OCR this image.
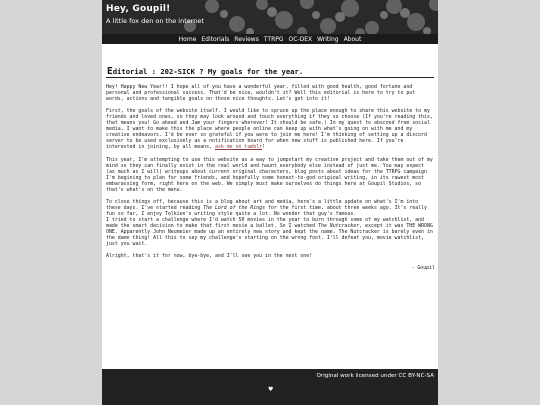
Hey, Goupil!
A little fox den on the internet
Home Editorials Reviews TTRPG OC-DEX Writing About
Editorial : 202-SICK ? My goals for the year.

Hey! Happy New Year!! I hope all of you have a wonderful year, filled with good health, good fortune and personal and professional success. That'd be nice, wouldn't it? Well this editorial is here to try to put words, actions and tangible goals on those nice thoughts. Let's get into it!

First, the goals of the website itself. I would like to spruce up the place enough to share this website to my friends and loved ones, so they may look around and touch everything if they so choose (If you're reading this, that means you! Go ahead and Jam your fingers wherever! It should be safe.) In my quest to abscond from social media, I want to make this the place where people online can keep up with what's going on with me and my creative endeavors. I'd be ever so grateful if you were to join me here! I'm thinking of setting up a discord server to be used exclusively as a notification board for when new stuff is published here. If you're interested in joining, by all means, ask me on tumblr!

This year, I'm attempting to use this website as a way to jumpstart my creative project and take them out of my mind so they can finally exist in the real world and haunt everybody else instead of just me. You may expect (as much as I will) writeups about current original characters, blog posts about ideas for the TTRPG campaign I'm begining to plan for some friends, and hopefully some honest-to-god original writing, in its rawest most embarassing form, right here on the web. We simply must make ourselves do things here at Goupil Studios, so that's what's on the menu.

To close things off, because this is a blog about art and media, here's a little update on what's I'm into these days. I've started reading The Lord of the Rings for the first time, about three weeks ago. It's really fun so far, I enjoy Tolkien's writing style quite a lot. No wonder that guy's famous.
I tried to start a challenge where I'd watch 50 movies in the year to burn through some of my watchlist, and made the smart decision to make that first movie a ballet. So I watched The Nutcracker, except it was THE WRONG ONE. Apparently John Neumeier made up an entirely new story and kept the name. The Nutcracker is barely even in the damn thing! All this to say my challenge's starting on the wrong foot. I'll defeat you, movie watchlist, just you wait.

Alright, that's it for now, bye-bye, and I'll see you in the next one!

- Goupil

Original work licensed under CC BY-NC-SA
♥
